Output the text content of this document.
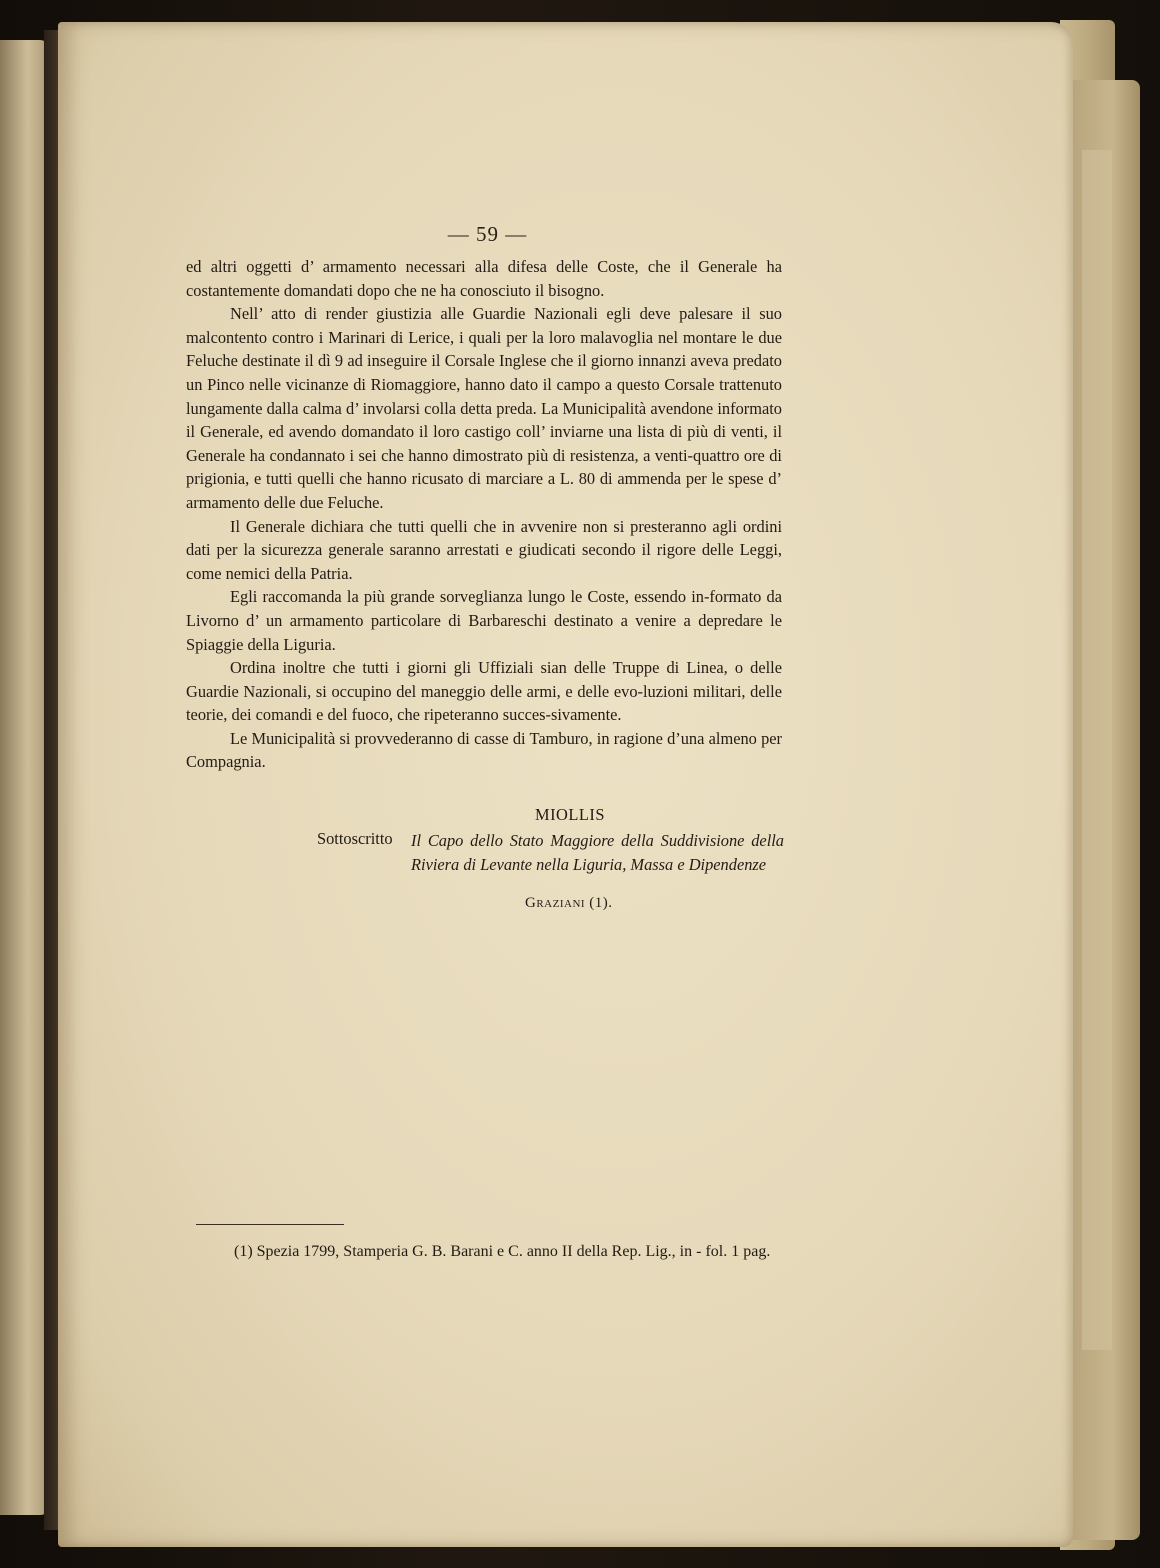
— 59 —

ed altri oggetti d’ armamento necessari alla difesa delle Coste, che il Generale ha costantemente domandati dopo che ne ha conosciuto il bisogno.

Nell’ atto di render giustizia alle Guardie Nazionali egli deve palesare il suo malcontento contro i Marinari di Lerice, i quali per la loro malavoglia nel montare le due Feluche destinate il dì 9 ad inseguire il Corsale Inglese che il giorno innanzi aveva predato un Pinco nelle vicinanze di Riomaggiore, hanno dato il campo a questo Corsale trattenuto lungamente dalla calma d’ involarsi colla detta preda. La Municipalità avendone informato il Generale, ed avendo domandato il loro castigo coll’ inviarne una lista di più di venti, il Generale ha condannato i sei che hanno dimostrato più di resistenza, a venti-quattro ore di prigionia, e tutti quelli che hanno ricusato di marciare a L. 80 di ammenda per le spese d’ armamento delle due Feluche.

Il Generale dichiara che tutti quelli che in avvenire non si presteranno agli ordini dati per la sicurezza generale saranno arrestati e giudicati secondo il rigore delle Leggi, come nemici della Patria.

Egli raccomanda la più grande sorveglianza lungo le Coste, essendo in-formato da Livorno d’ un armamento particolare di Barbareschi destinato a venire a depredare le Spiaggie della Liguria.

Ordina inoltre che tutti i giorni gli Uffiziali sian delle Truppe di Linea, o delle Guardie Nazionali, si occupino del maneggio delle armi, e delle evo-luzioni militari, delle teorie, dei comandi e del fuoco, che ripeteranno succes-sivamente.

Le Municipalità si provvederanno di casse di Tamburo, in ragione d’una almeno per Compagnia.

MIOLLIS
Sottoscritto Il Capo dello Stato Maggiore della Suddivisione della Riviera di Levante nella Liguria, Massa e Dipendenze
Graziani (1).

(1) Spezia 1799, Stamperia G. B. Barani e C. anno II della Rep. Lig., in - fol. 1 pag.
